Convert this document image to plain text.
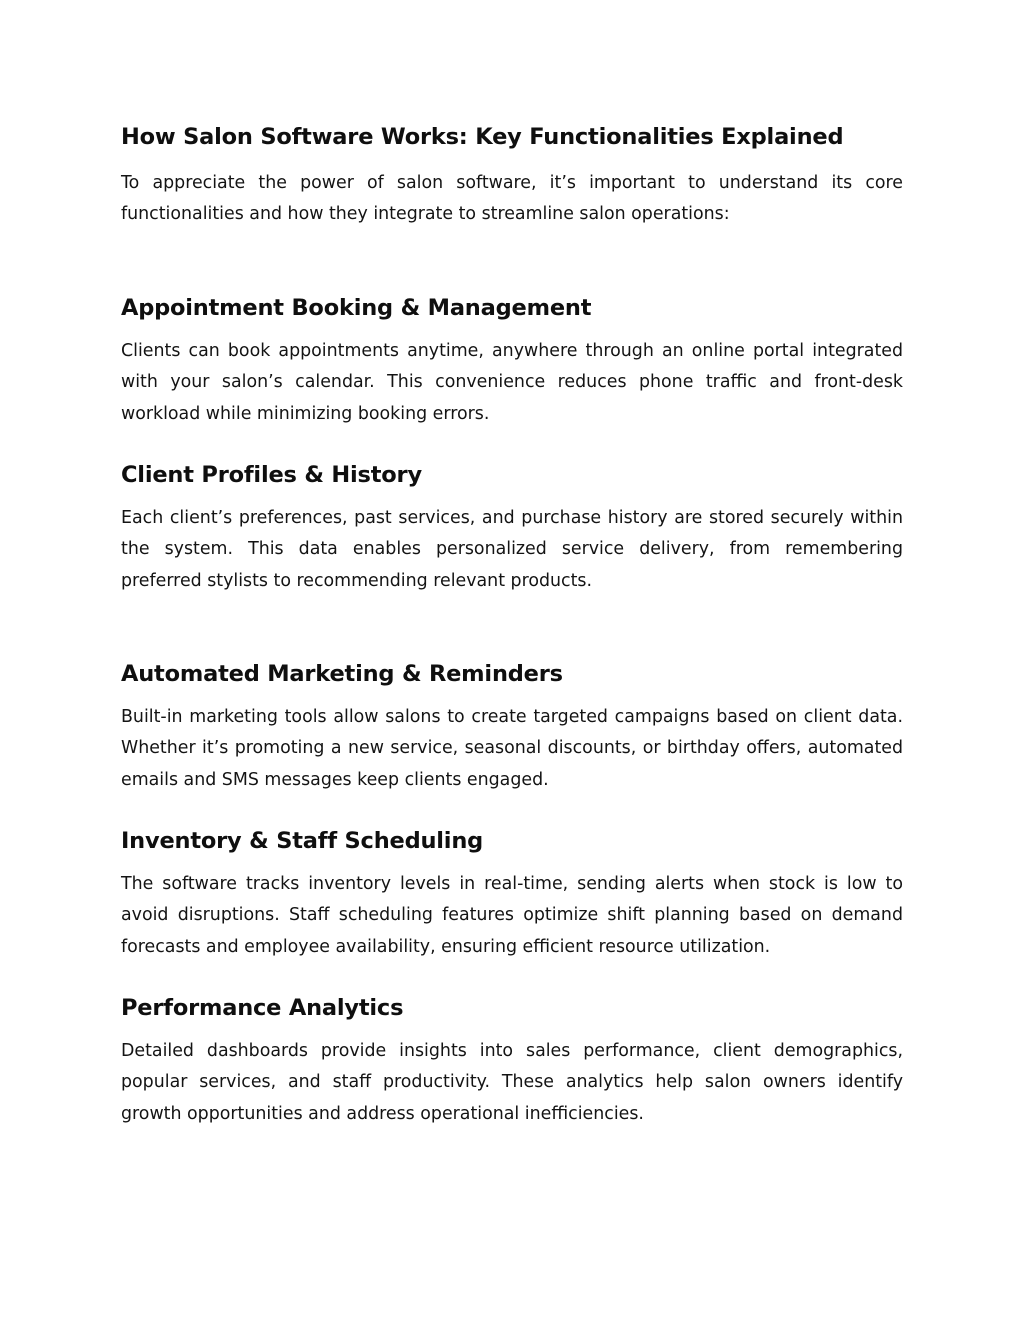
How Salon Software Works: Key Functionalities Explained

To appreciate the power of salon software, it’s important to understand its core functionalities and how they integrate to streamline salon operations:

Appointment Booking & Management

Clients can book appointments anytime, anywhere through an online portal integrated with your salon’s calendar. This convenience reduces phone traffic and front-desk workload while minimizing booking errors.

Client Profiles & History

Each client’s preferences, past services, and purchase history are stored securely within the system. This data enables personalized service delivery, from remembering preferred stylists to recommending relevant products.

Automated Marketing & Reminders

Built-in marketing tools allow salons to create targeted campaigns based on client data. Whether it’s promoting a new service, seasonal discounts, or birthday offers, automated emails and SMS messages keep clients engaged.

Inventory & Staff Scheduling

The software tracks inventory levels in real-time, sending alerts when stock is low to avoid disruptions. Staff scheduling features optimize shift planning based on demand forecasts and employee availability, ensuring efficient resource utilization.

Performance Analytics

Detailed dashboards provide insights into sales performance, client demographics, popular services, and staff productivity. These analytics help salon owners identify growth opportunities and address operational inefficiencies.
